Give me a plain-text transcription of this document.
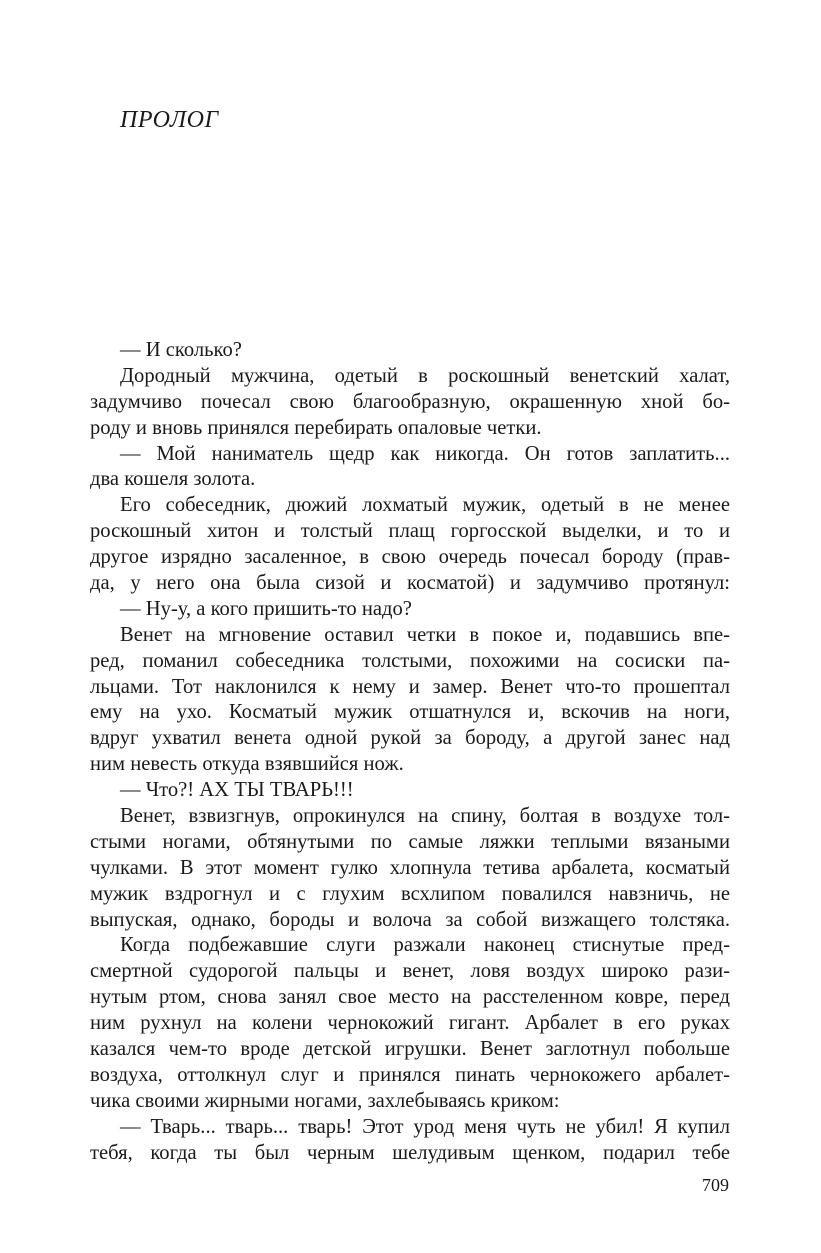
ПРОЛОГ
— И сколько?
Дородный мужчина, одетый в роскошный венетский халат,
задумчиво почесал свою благообразную, окрашенную хной бо-
роду и вновь принялся перебирать опаловые четки.
— Мой наниматель щедр как никогда. Он готов заплатить...
два кошеля золота.
Его собеседник, дюжий лохматый мужик, одетый в не менее
роскошный хитон и толстый плащ горгосской выделки, и то и
другое изрядно засаленное, в свою очередь почесал бороду (прав-
да, у него она была сизой и косматой) и задумчиво протянул:
— Ну-у, а кого пришить-то надо?
Венет на мгновение оставил четки в покое и, подавшись впе-
ред, поманил собеседника толстыми, похожими на сосиски па-
льцами. Тот наклонился к нему и замер. Венет что-то прошептал
ему на ухо. Косматый мужик отшатнулся и, вскочив на ноги,
вдруг ухватил венета одной рукой за бороду, а другой занес над
ним невесть откуда взявшийся нож.
— Что?! АХ ТЫ ТВАРЬ!!!
Венет, взвизгнув, опрокинулся на спину, болтая в воздухе тол-
стыми ногами, обтянутыми по самые ляжки теплыми вязаными
чулками. В этот момент гулко хлопнула тетива арбалета, косматый
мужик вздрогнул и с глухим всхлипом повалился навзничь, не
выпуская, однако, бороды и волоча за собой визжащего толстяка.
Когда подбежавшие слуги разжали наконец стиснутые пред-
смертной судорогой пальцы и венет, ловя воздух широко рази-
нутым ртом, снова занял свое место на расстеленном ковре, перед
ним рухнул на колени чернокожий гигант. Арбалет в его руках
казался чем-то вроде детской игрушки. Венет заглотнул побольше
воздуха, оттолкнул слуг и принялся пинать чернокожего арбалет-
чика своими жирными ногами, захлебываясь криком:
— Тварь... тварь... тварь! Этот урод меня чуть не убил! Я купил
тебя, когда ты был черным шелудивым щенком, подарил тебе
709
